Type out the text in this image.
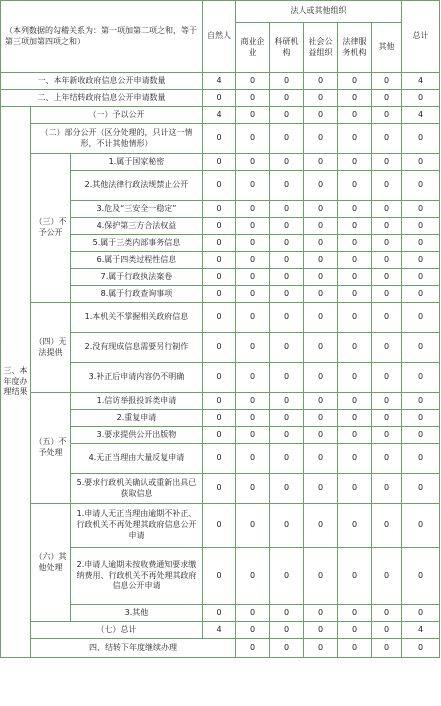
（本列数据的勾稽关系为：第一项加第二项之和，等于第三项加第四项之和）			自然人	法人或其他组织					总计	
				商业企业	科研机构	社会公益组织	法律服务机构	其他		
一、本年新收政府信息公开申请数量			4	0	0	0	0	0	4	
二、上年结转政府信息公开申请数量			0	0	0	0	0	0	0	
三、本年度办理结果	（一）予以公开		4	0	0	0	0	0	4	
	（二）部分公开（区分处理的，只计这一情形，不计其他情形）		0	0	0	0	0	0	0	
	（三）不予公开	1.属于国家秘密	0	0	0	0	0	0	0	
		2.其他法律行政法规禁止公开	0	0	0	0	0	0	0	
		3.危及“三安全一稳定”	0	0	0	0	0	0	0	
		4.保护第三方合法权益	0	0	0	0	0	0	0	
		5.属于三类内部事务信息	0	0	0	0	0	0	0	
		6.属于四类过程性信息	0	0	0	0	0	0	0	
		7.属于行政执法案卷	0	0	0	0	0	0	0	
		8.属于行政查询事项	0	0	0	0	0	0	0	
	（四）无法提供	1.本机关不掌握相关政府信息	0	0	0	0	0	0	0	
		2.没有现成信息需要另行制作	0	0	0	0	0	0	0	
		3.补正后申请内容仍不明确	0	0	0	0	0	0	0	
	（五）不予处理	1.信访举报投诉类申请	0	0	0	0	0	0	0	
		2.重复申请	0	0	0	0	0	0	0	
		3.要求提供公开出版物	0	0	0	0	0	0	0	
		4.无正当理由大量反复申请	0	0	0	0	0	0	0	
		5.要求行政机关确认或重新出具已获取信息	0	0	0	0	0	0	0	
	（六）其他处理	1.申请人无正当理由逾期不补正、行政机关不再处理其政府信息公开申请	0	0	0	0	0	0	0	
		2.申请人逾期未按收费通知要求缴纳费用、行政机关不再处理其政府信息公开申请	0	0	0	0	0	0	0	
		3.其他	0	0	0	0	0	0	0	
	（七）总计		4	0	0	0	0	0	4	
	四、结转下年度继续办理			0	0	0	0	0	0	
